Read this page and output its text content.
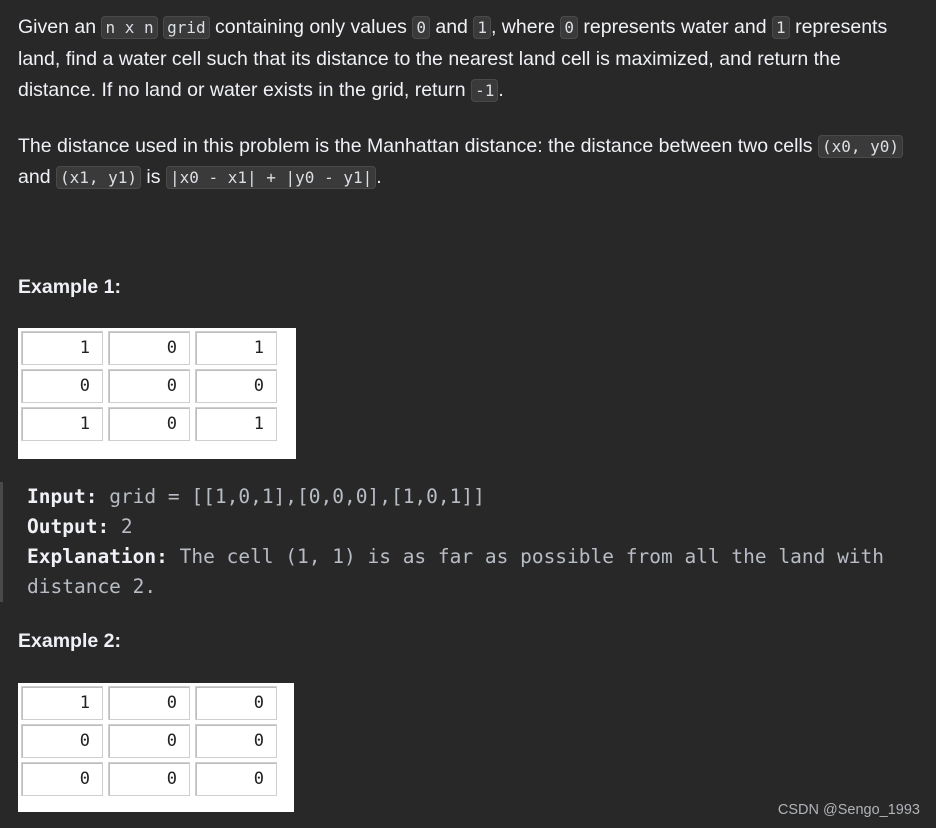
Given an n x n grid containing only values 0 and 1 , where 0 represents water and 1 represents land, find a water cell such that its distance to the nearest land cell is maximized, and return the distance. If no land or water exists in the grid, return -1 .

The distance used in this problem is the Manhattan distance: the distance between two cells (x0, y0) and (x1, y1) is |x0 - x1| + |y0 - y1| .

Example 1:
1	0	1
0	0	0
1	0	1
Input: grid = [[1,0,1],[0,0,0],[1,0,1]]
Output: 2
Explanation: The cell (1, 1) is as far as possible from all the land with distance 2.
Example 2:
1	0	0
0	0	0
0	0	0
CSDN @Sengo_1993
